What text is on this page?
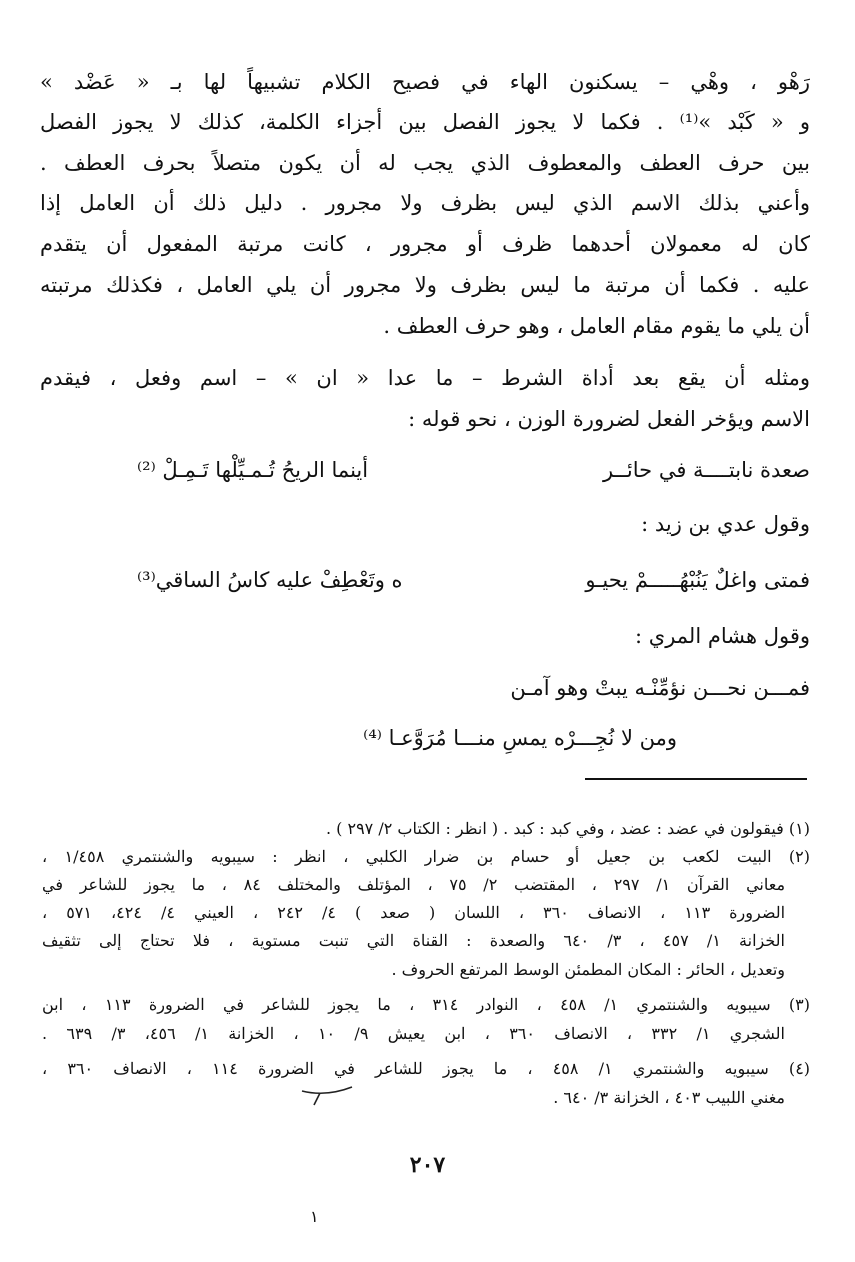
رَهْو ، وهْي – يسكنون الهاء في فصيح الكلام تشبيهاً لها بـ « عَضْد »
و « كَبْد »⁽¹⁾ . فكما لا يجوز الفصل بين أجزاء الكلمة، كذلك لا يجوز الفصل
بين حرف العطف والمعطوف الذي يجب له أن يكون متصلاً بحرف العطف .
وأعني بذلك الاسم الذي ليس بظرف ولا مجرور . دليل ذلك أن العامل إذا
كان له معمولان أحدهما ظرف أو مجرور ، كانت مرتبة المفعول أن يتقدم
عليه . فكما أن مرتبة ما ليس بظرف ولا مجرور أن يلي العامل ، فكذلك مرتبته
أن يلي ما يقوم مقام العامل ، وهو حرف العطف .
ومثله أن يقع بعد أداة الشرط – ما عدا « ان » – اسم وفعل ، فيقدم
الاسم ويؤخر الفعل لضرورة الوزن ، نحو قوله :
صعدة نابتــــة في حائــر
أينما الريحُ تُـمـيِّلْها تَـمِـلْ ⁽²⁾
وقول عدي بن زيد :
فمتى واغلٌ يَنُبْهُـــــمْ يحيـو
ه وتَعْطِفْ عليه كاسُ الساقي⁽³⁾
وقول هشام المري :
فمـــن نحـــن نؤمِّنْـه يبتْ وهو آمـن
ومن لا نُجِـــرْه يمسِ منـــا مُرَوَّعـا ⁽⁴⁾
(١) فيقولون في عضد : عضد ، وفي كبد : كبد . ( انظر : الكتاب ٢/ ٢٩٧ ) .
(٢) البيت لكعب بن جعيل أو حسام بن ضرار الكلبي ، انظر : سيبويه والشنتمري ١/٤٥٨ ،
معاني القرآن ١/ ٢٩٧ ، المقتضب ٢/ ٧٥ ، المؤتلف والمختلف ٨٤ ، ما يجوز للشاعر في
الضرورة ١١٣ ، الانصاف ٣٦٠ ، اللسان ( صعد ) ٤/ ٢٤٢ ، العيني ٤/ ٤٢٤، ٥٧١ ،
الخزانة ١/ ٤٥٧ ، ٣/ ٦٤٠ والصعدة : القناة التي تنبت مستوية ، فلا تحتاج إلى تثقيف
وتعديل ، الحائر : المكان المطمئن الوسط المرتفع الحروف .
(٣) سيبويه والشنتمري ١/ ٤٥٨ ، النوادر ٣١٤ ، ما يجوز للشاعر في الضرورة ١١٣ ، ابن
الشجري ١/ ٣٣٢ ، الانصاف ٣٦٠ ، ابن يعيش ٩/ ١٠ ، الخزانة ١/ ٤٥٦، ٣/ ٦٣٩ .
(٤) سيبويه والشنتمري ١/ ٤٥٨ ، ما يجوز للشاعر في الضرورة ١١٤ ، الانصاف ٣٦٠ ،
مغني اللبيب ٤٠٣ ، الخزانة ٣/ ٦٤٠ .
٢٠٧
١
